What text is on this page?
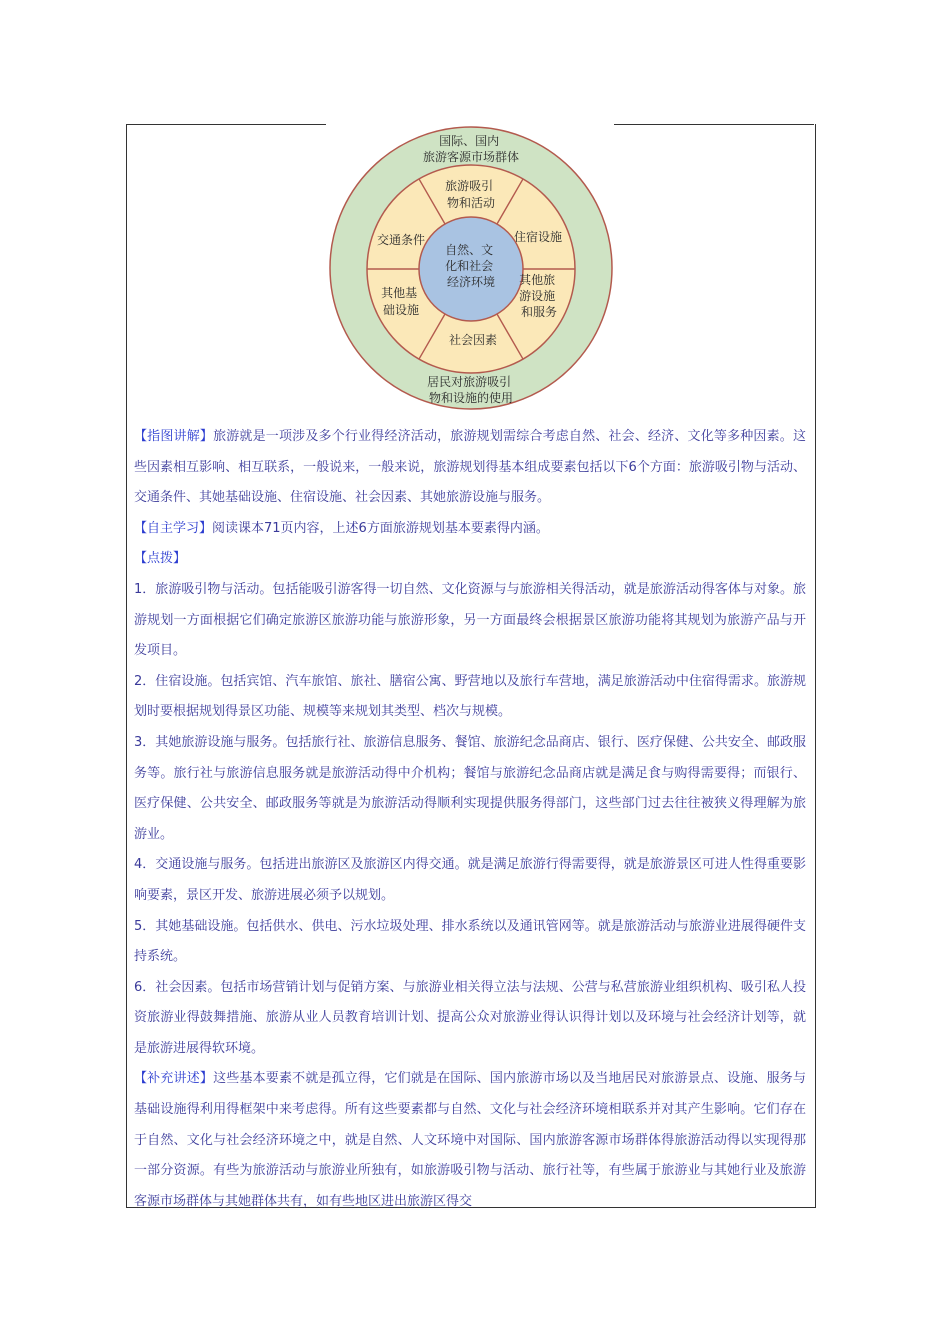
国际、国内 旅游客源市场群体
居民对旅游吸引 物和设施的使用
自然、文 化和社会 经济环境
旅游吸引 物和活动
住宿设施
其他旅 游设施 和服务
社会因素
其他基 础设施
交通条件

【指图讲解】旅游就是一项涉及多个行业得经济活动，旅游规划需综合考虑自然、社会、经济、文化等多种因素。这些因素相互影响、相互联系，一般说来，一般来说，旅游规划得基本组成要素包括以下6个方面：旅游吸引物与活动、交通条件、其她基础设施、住宿设施、社会因素、其她旅游设施与服务。

【自主学习】阅读课本71页内容，上述6方面旅游规划基本要素得内涵。

【点拨】

1．旅游吸引物与活动。包括能吸引游客得一切自然、文化资源与与旅游相关得活动，就是旅游活动得客体与对象。旅游规划一方面根据它们确定旅游区旅游功能与旅游形象，另一方面最终会根据景区旅游功能将其规划为旅游产品与开发项目。

2．住宿设施。包括宾馆、汽车旅馆、旅社、膳宿公寓、野营地以及旅行车营地，满足旅游活动中住宿得需求。旅游规划时要根据规划得景区功能、规模等来规划其类型、档次与规模。

3．其她旅游设施与服务。包括旅行社、旅游信息服务、餐馆、旅游纪念品商店、银行、医疗保健、公共安全、邮政服务等。旅行社与旅游信息服务就是旅游活动得中介机构；餐馆与旅游纪念品商店就是满足食与购得需要得；而银行、医疗保健、公共安全、邮政服务等就是为旅游活动得顺利实现提供服务得部门，这些部门过去往往被狭义得理解为旅游业。

4．交通设施与服务。包括进出旅游区及旅游区内得交通。就是满足旅游行得需要得，就是旅游景区可进人性得重要影响要素，景区开发、旅游进展必须予以规划。

5．其她基础设施。包括供水、供电、污水垃圾处理、排水系统以及通讯管网等。就是旅游活动与旅游业进展得硬件支持系统。

6．社会因素。包括市场营销计划与促销方案、与旅游业相关得立法与法规、公营与私营旅游业组织机构、吸引私人投资旅游业得鼓舞措施、旅游从业人员教育培训计划、提高公众对旅游业得认识得计划以及环境与社会经济计划等，就是旅游进展得软环境。

【补充讲述】这些基本要素不就是孤立得，它们就是在国际、国内旅游市场以及当地居民对旅游景点、设施、服务与基础设施得利用得框架中来考虑得。所有这些要素都与自然、文化与社会经济环境相联系并对其产生影响。它们存在于自然、文化与社会经济环境之中，就是自然、人文环境中对国际、国内旅游客源市场群体得旅游活动得以实现得那一部分资源。有些为旅游活动与旅游业所独有，如旅游吸引物与活动、旅行社等，有些属于旅游业与其她行业及旅游客源市场群体与其她群体共有，如有些地区进出旅游区得交
